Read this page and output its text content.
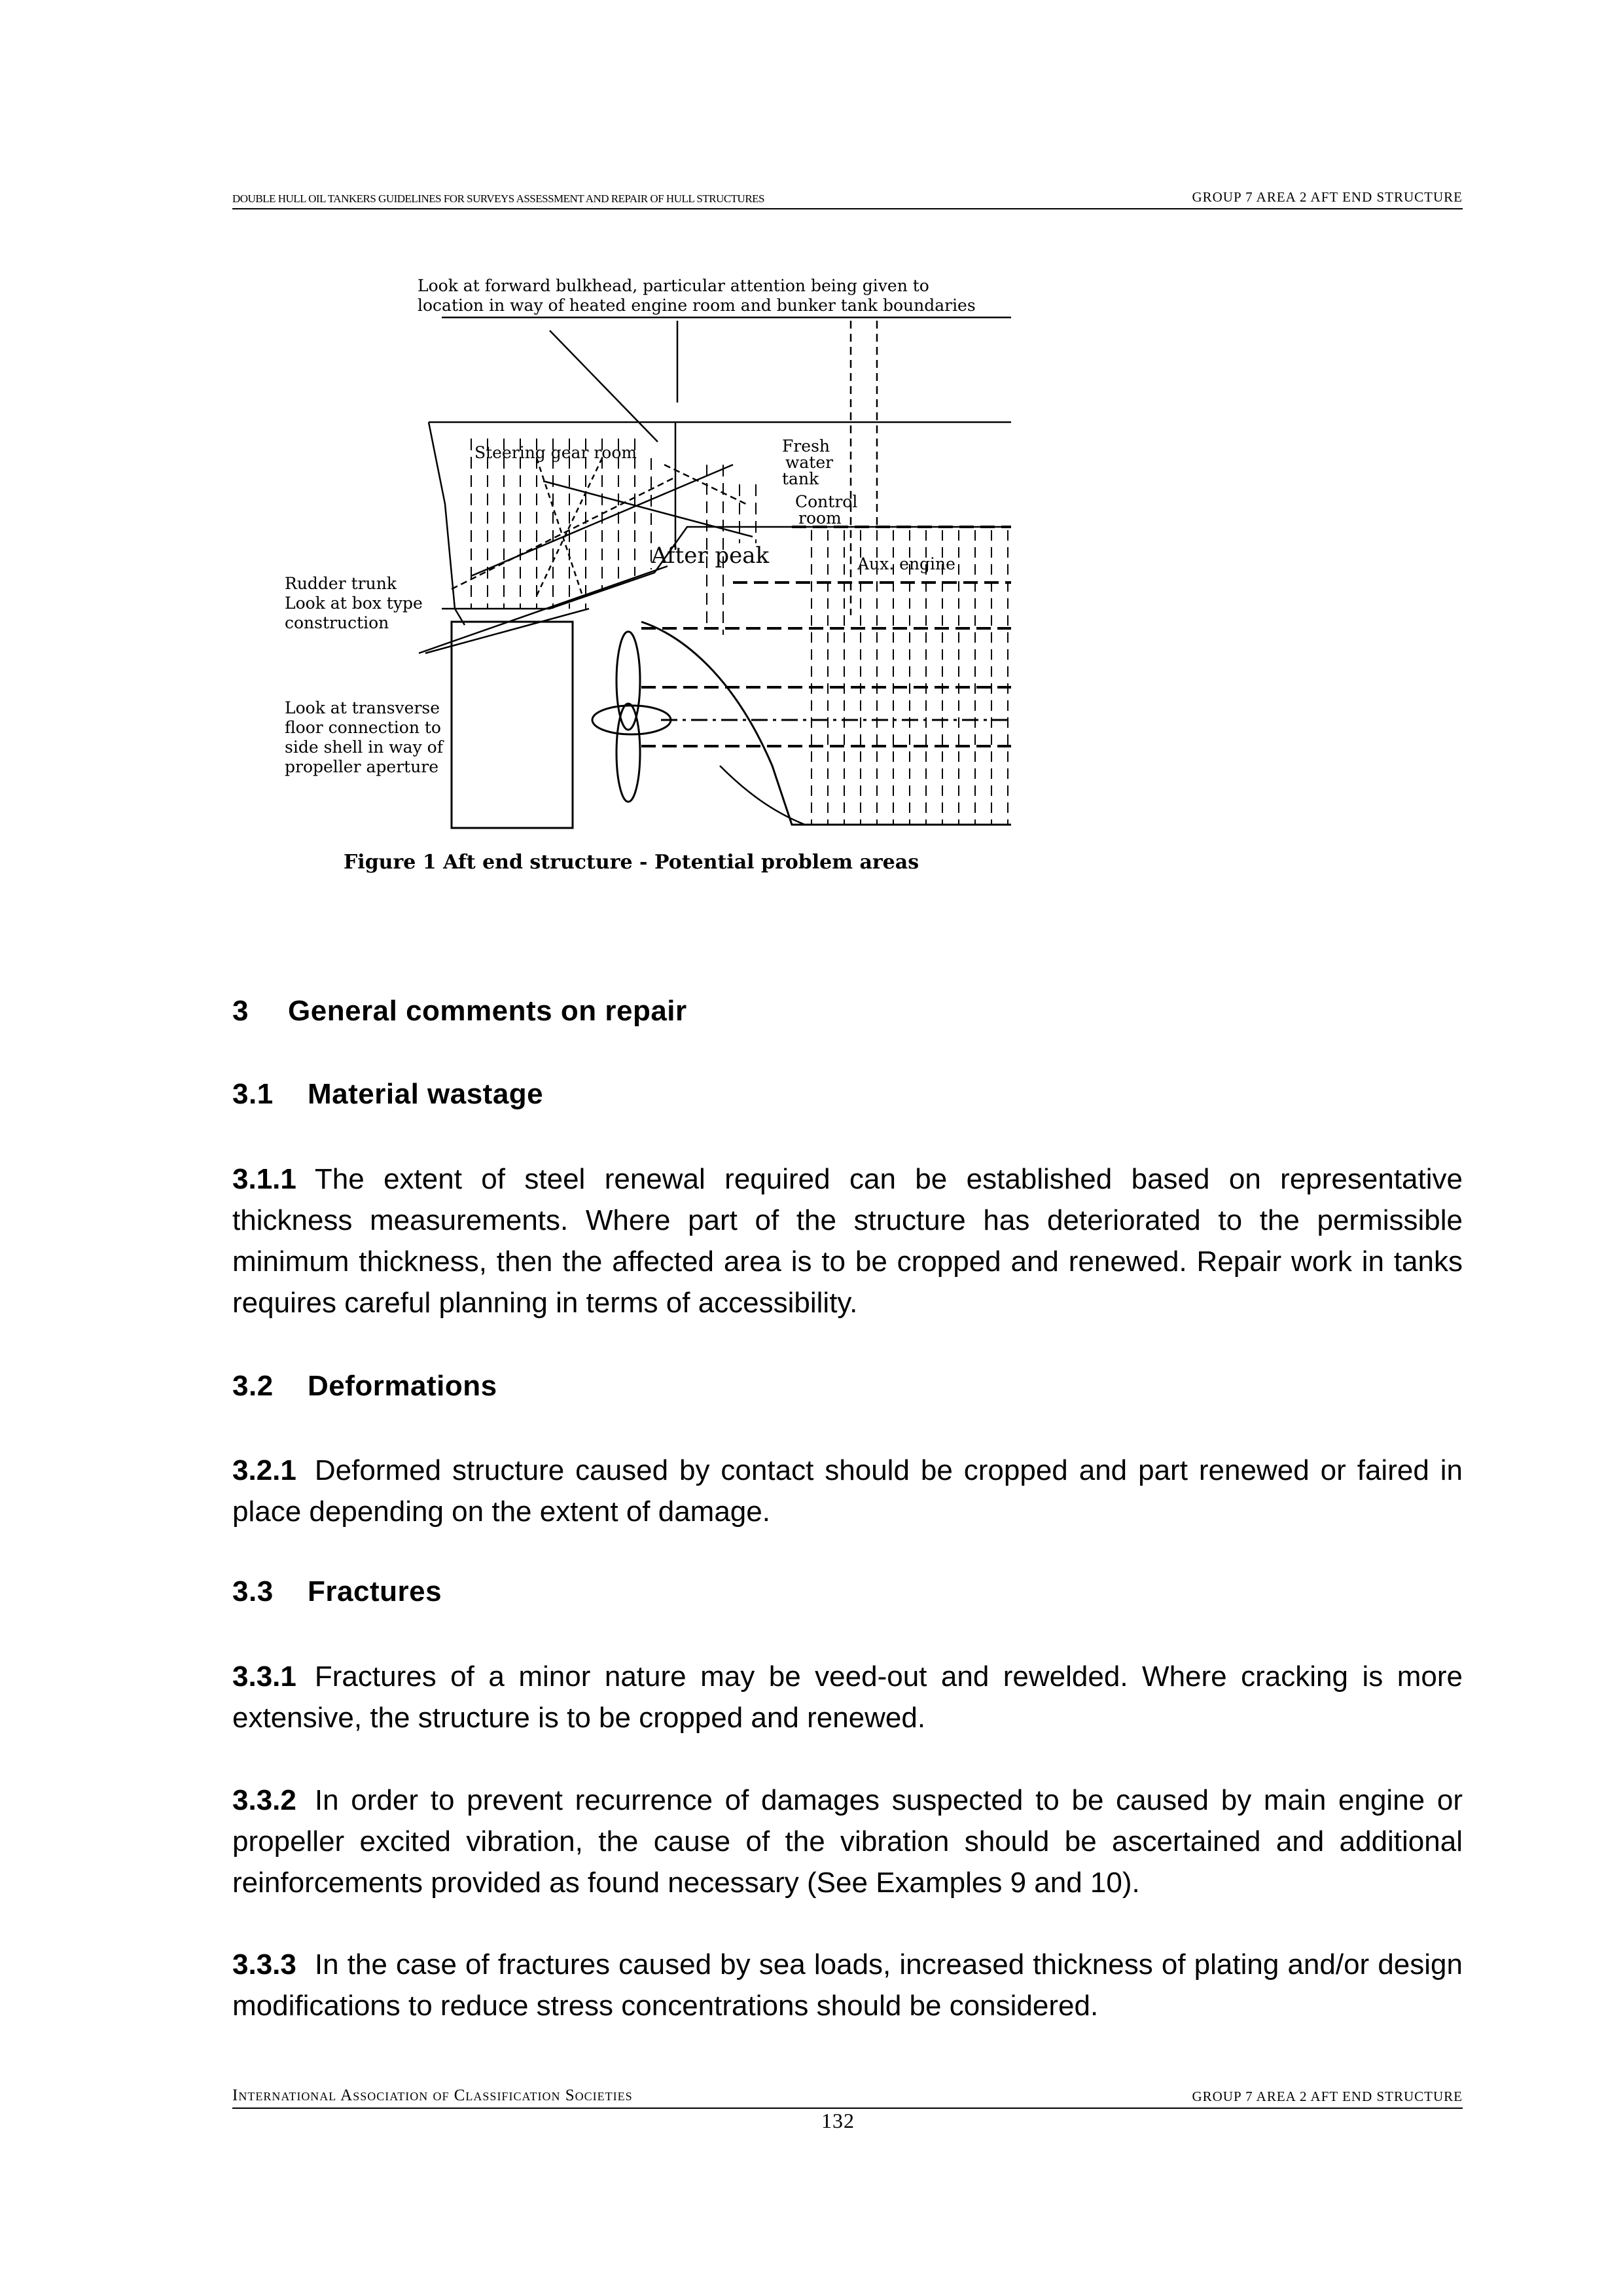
DOUBLE HULL OIL TANKERS GUIDELINES FOR SURVEYS ASSESSMENT AND REPAIR OF HULL STRUCTURES	GROUP 7 AREA 2 AFT END STRUCTURE
Look at forward bulkhead, particular attention being given to
location in way of heated engine room and bunker tank boundaries
Steering gear room	Fresh
water
tank
Control
room
After peak	Aux. engine
Rudder trunk
Look at box type
construction
Look at transverse
floor connection to
side shell in way of
propeller aperture
Figure 1 Aft end structure - Potential problem areas
3 General comments on repair
3.1 Material wastage
3.1.1 The extent of steel renewal required can be established based on representative thickness measurements. Where part of the structure has deteriorated to the permissible minimum thickness, then the affected area is to be cropped and renewed. Repair work in tanks requires careful planning in terms of accessibility.
3.2 Deformations
3.2.1 Deformed structure caused by contact should be cropped and part renewed or faired in place depending on the extent of damage.
3.3 Fractures
3.3.1 Fractures of a minor nature may be veed-out and rewelded. Where cracking is more extensive, the structure is to be cropped and renewed.
3.3.2 In order to prevent recurrence of damages suspected to be caused by main engine or propeller excited vibration, the cause of the vibration should be ascertained and additional reinforcements provided as found necessary (See Examples 9 and 10).
3.3.3 In the case of fractures caused by sea loads, increased thickness of plating and/or design modifications to reduce stress concentrations should be considered.
International Association of Classification Societies	GROUP 7 AREA 2 AFT END STRUCTURE
132
